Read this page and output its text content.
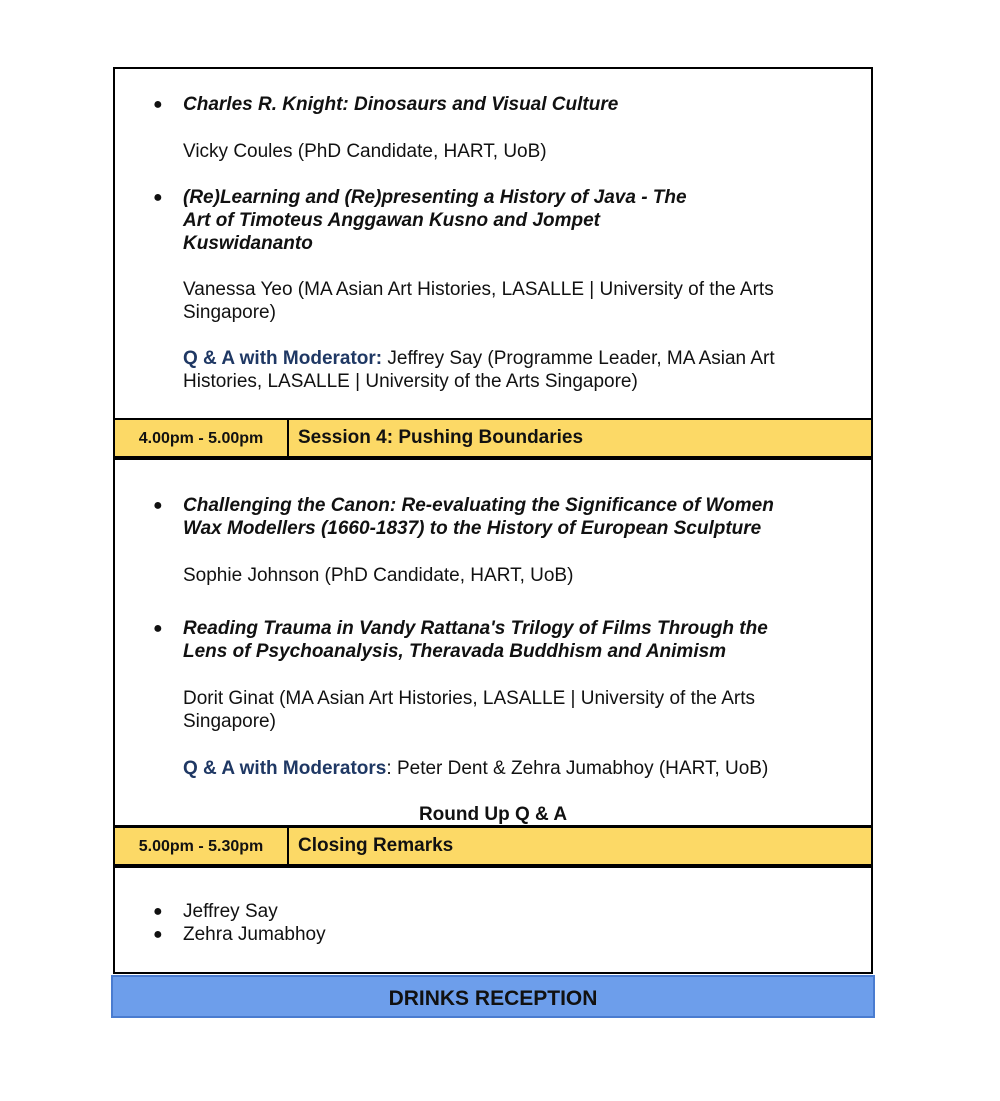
● Charles R. Knight: Dinosaurs and Visual Culture
Vicky Coules (PhD Candidate, HART, UoB)
● (Re)Learning and (Re)presenting a History of Java - The
Art of Timoteus Anggawan Kusno and Jompet
Kuswidananto
Vanessa Yeo (MA Asian Art Histories, LASALLE | University of the Arts
Singapore)
Q & A with Moderator: Jeffrey Say (Programme Leader, MA Asian Art
Histories, LASALLE | University of the Arts Singapore)
4.00pm - 5.00pm	Session 4: Pushing Boundaries
● Challenging the Canon: Re-evaluating the Significance of Women
Wax Modellers (1660-1837) to the History of European Sculpture
Sophie Johnson (PhD Candidate, HART, UoB)
● Reading Trauma in Vandy Rattana's Trilogy of Films Through the
Lens of Psychoanalysis, Theravada Buddhism and Animism
Dorit Ginat (MA Asian Art Histories, LASALLE | University of the Arts
Singapore)
Q & A with Moderators: Peter Dent & Zehra Jumabhoy (HART, UoB)
Round Up Q & A
5.00pm - 5.30pm	Closing Remarks
● Jeffrey Say
● Zehra Jumabhoy
DRINKS RECEPTION
